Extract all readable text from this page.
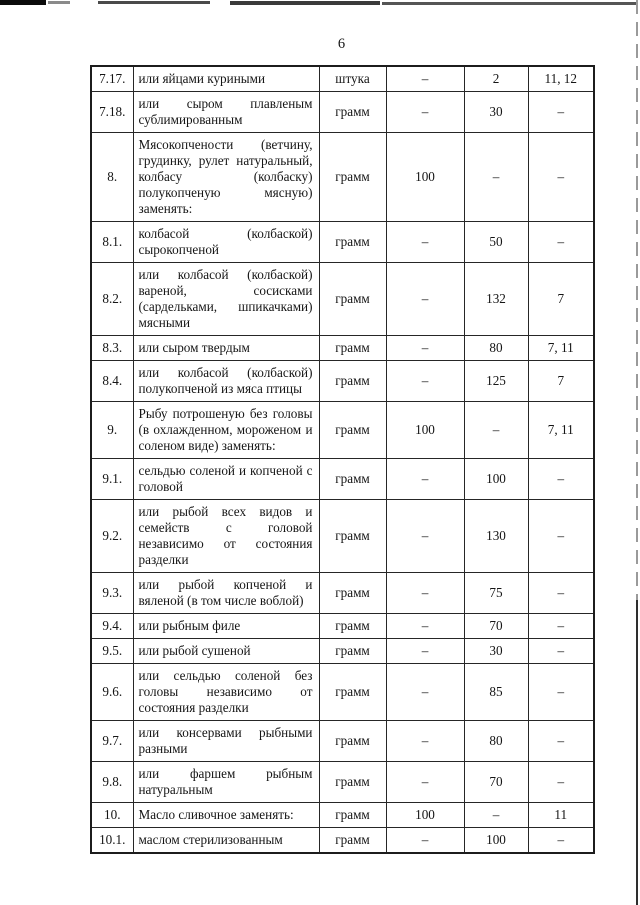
6
7.17.	или яйцами куриными	штука	–	2	11, 12
7.18.	или сыром плавленым сублимированным	грамм	–	30	–
8.	Мясокопчености (ветчину, грудинку, рулет натуральный, колбасу (колбаску) полукопченую мясную) заменять:	грамм	100	–	–
8.1.	колбасой (колбаской) сырокопченой	грамм	–	50	–
8.2.	или колбасой (колбаской) вареной, сосисками (сардельками, шпикачками) мясными	грамм	–	132	7
8.3.	или сыром твердым	грамм	–	80	7, 11
8.4.	или колбасой (колбаской) полукопченой из мяса птицы	грамм	–	125	7
9.	Рыбу потрошеную без головы (в охлажденном, мороженом и соленом виде) заменять:	грамм	100	–	7, 11
9.1.	сельдью соленой и копченой с головой	грамм	–	100	–
9.2.	или рыбой всех видов и семейств с головой независимо от состояния разделки	грамм	–	130	–
9.3.	или рыбой копченой и вяленой (в том числе воблой)	грамм	–	75	–
9.4.	или рыбным филе	грамм	–	70	–
9.5.	или рыбой сушеной	грамм	–	30	–
9.6.	или сельдью соленой без головы независимо от состояния разделки	грамм	–	85	–
9.7.	или консервами рыбными разными	грамм	–	80	–
9.8.	или фаршем рыбным натуральным	грамм	–	70	–
10.	Масло сливочное заменять:	грамм	100	–	11
10.1.	маслом стерилизованным	грамм	–	100	–
